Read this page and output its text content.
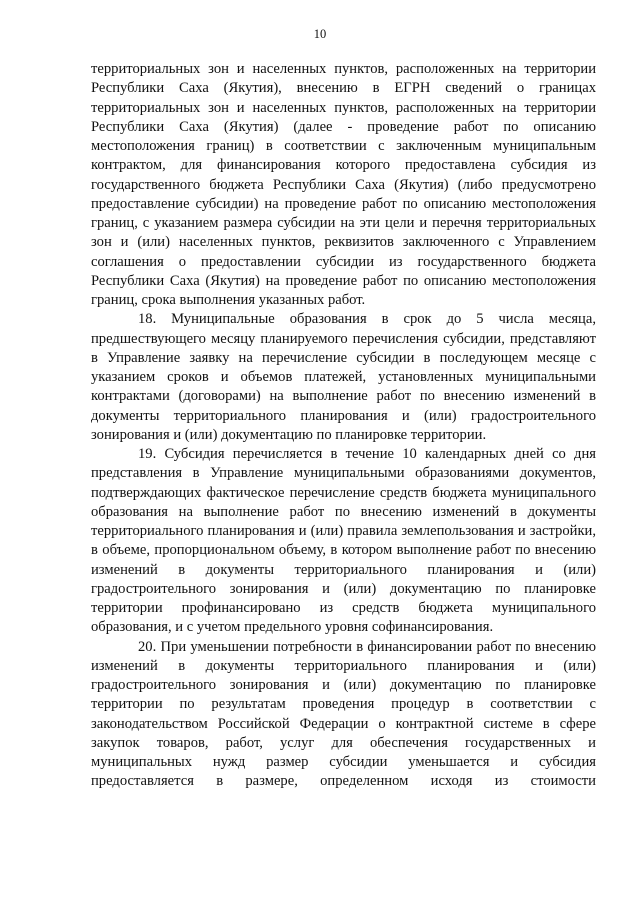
10

территориальных зон и населенных пунктов, расположенных на территории Республики Саха (Якутия), внесению в ЕГРН сведений о границах территориальных зон и населенных пунктов, расположенных на территории Республики Саха (Якутия) (далее - проведение работ по описанию местоположения границ) в соответствии с заключенным муниципальным контрактом, для финансирования которого предоставлена субсидия из государственного бюджета Республики Саха (Якутия) (либо предусмотрено предоставление субсидии) на проведение работ по описанию местоположения границ, с указанием размера субсидии на эти цели и перечня территориальных зон и (или) населенных пунктов, реквизитов заключенного с Управлением соглашения о предоставлении субсидии из государственного бюджета Республики Саха (Якутия) на проведение работ по описанию местоположения границ, срока выполнения указанных работ.

18. Муниципальные образования в срок до 5 числа месяца, предшествующего месяцу планируемого перечисления субсидии, представляют в Управление заявку на перечисление субсидии в последующем месяце с указанием сроков и объемов платежей, установленных муниципальными контрактами (договорами) на выполнение работ по внесению изменений в документы территориального планирования и (или) градостроительного зонирования и (или) документацию по планировке территории.

19. Субсидия перечисляется в течение 10 календарных дней со дня представления в Управление муниципальными образованиями документов, подтверждающих фактическое перечисление средств бюджета муниципального образования на выполнение работ по внесению изменений в документы территориального планирования и (или) правила землепользования и застройки, в объеме, пропорциональном объему, в котором выполнение работ по внесению изменений в документы территориального планирования и (или) градостроительного зонирования и (или) документацию по планировке территории профинансировано из средств бюджета муниципального образования, и с учетом предельного уровня софинансирования.

20. При уменьшении потребности в финансировании работ по внесению изменений в документы территориального планирования и (или) градостроительного зонирования и (или) документацию по планировке территории по результатам проведения процедур в соответствии с законодательством Российской Федерации о контрактной системе в сфере закупок товаров, работ, услуг для обеспечения государственных и муниципальных нужд размер субсидии уменьшается и субсидия предоставляется в размере, определенном исходя из стоимости
